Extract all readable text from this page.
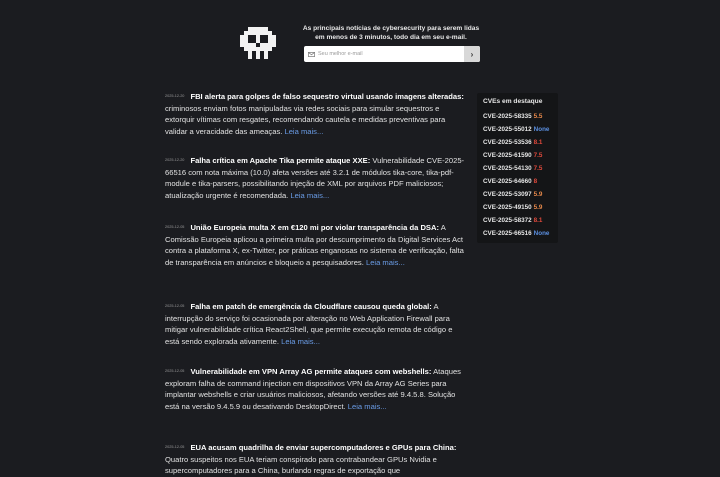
As principais notícias de cybersecurity para serem lidas em menos de 3 minutos, todo dia em seu e-mail.
Seu melhor e-mail
›
$^{2025-12-20}$ FBI alerta para golpes de falso sequestro virtual usando imagens alteradas: criminosos enviam fotos manipuladas via redes sociais para simular sequestros e extorquir vítimas com resgates, recomendando cautela e medidas preventivas para validar a veracidade das ameaças. Leia mais...
$^{2025-12-20}$ Falha crítica em Apache Tika permite ataque XXE: Vulnerabilidade CVE-2025-66516 com nota máxima (10.0) afeta versões até 3.2.1 de módulos tika-core, tika-pdf-module e tika-parsers, possibilitando injeção de XML por arquivos PDF maliciosos; atualização urgente é recomendada. Leia mais...
$^{2025-12-05}$ União Europeia multa X em €120 mi por violar transparência da DSA: A Comissão Europeia aplicou a primeira multa por descumprimento da Digital Services Act contra a plataforma X, ex-Twitter, por práticas enganosas no sistema de verificação, falta de transparência em anúncios e bloqueio a pesquisadores. Leia mais...
$^{2025-12-05}$ Falha em patch de emergência da Cloudflare causou queda global: A interrupção do serviço foi ocasionada por alteração no Web Application Firewall para mitigar vulnerabilidade crítica React2Shell, que permite execução remota de código e está sendo explorada ativamente. Leia mais...
$^{2025-12-05}$ Vulnerabilidade em VPN Array AG permite ataques com webshells: Ataques exploram falha de command injection em dispositivos VPN da Array AG Series para implantar webshells e criar usuários maliciosos, afetando versões até 9.4.5.8. Solução está na versão 9.4.5.9 ou desativando DesktopDirect. Leia mais...
$^{2025-12-05}$ EUA acusam quadrilha de enviar supercomputadores e GPUs para China: Quatro suspeitos nos EUA teriam conspirado para contrabandear GPUs Nvidia e supercomputadores para a China, burlando regras de exportação que
CVEs em destaque
CVE-2025-58335 5.5
CVE-2025-55012 None
CVE-2025-53536 8.1
CVE-2025-61590 7.5
CVE-2025-54130 7.5
CVE-2025-64660 8
CVE-2025-53097 5.9
CVE-2025-49150 5.9
CVE-2025-58372 8.1
CVE-2025-66516 None
